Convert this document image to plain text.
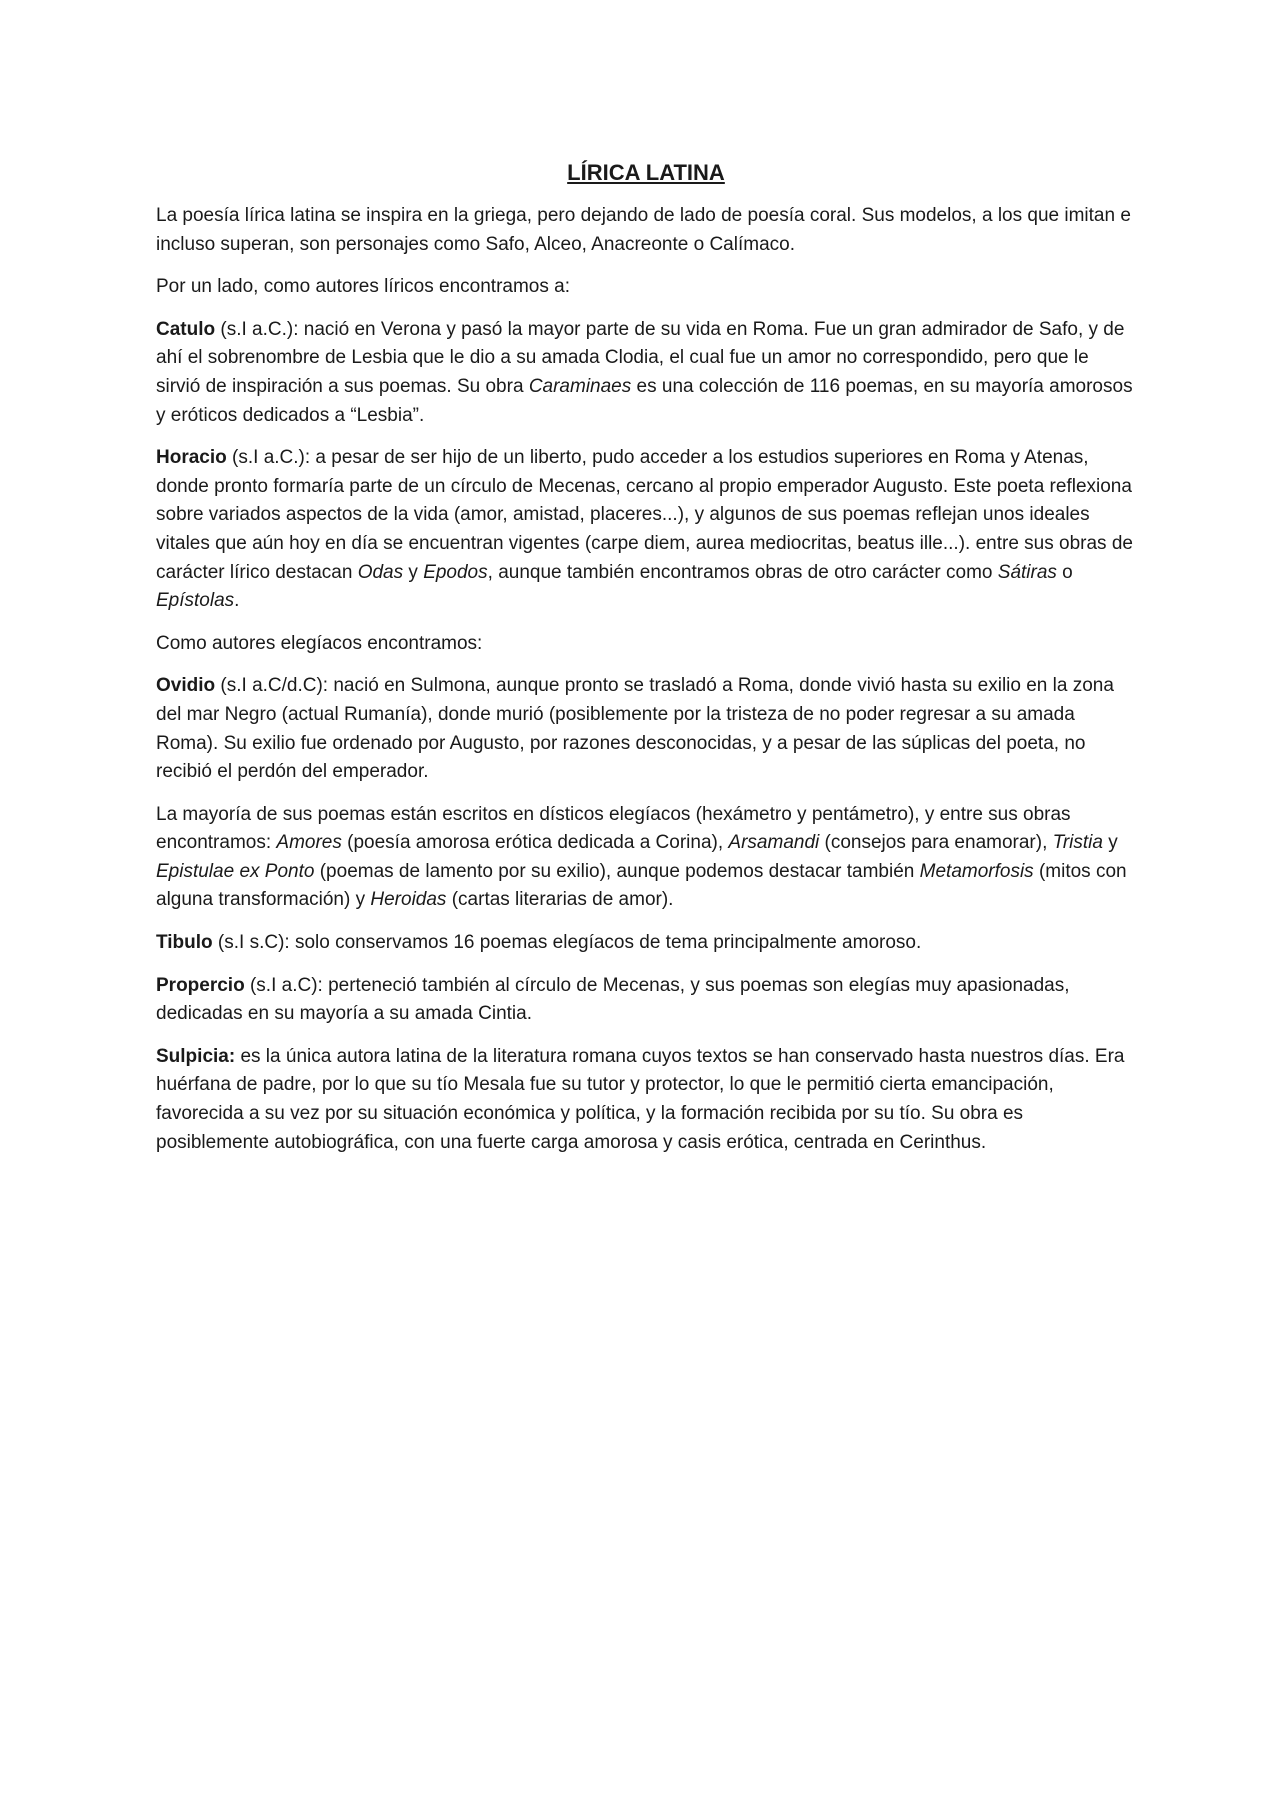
LÍRICA LATINA

La poesía lírica latina se inspira en la griega, pero dejando de lado de poesía coral. Sus modelos, a los que imitan e incluso superan, son personajes como Safo, Alceo, Anacreonte o Calímaco.

Por un lado, como autores líricos encontramos a:

Catulo (s.I a.C.): nació en Verona y pasó la mayor parte de su vida en Roma. Fue un gran admirador de Safo, y de ahí el sobrenombre de Lesbia que le dio a su amada Clodia, el cual fue un amor no correspondido, pero que le sirvió de inspiración a sus poemas. Su obra Caraminaes es una colección de 116 poemas, en su mayoría amorosos y eróticos dedicados a “Lesbia”.

Horacio (s.I a.C.): a pesar de ser hijo de un liberto, pudo acceder a los estudios superiores en Roma y Atenas, donde pronto formaría parte de un círculo de Mecenas, cercano al propio emperador Augusto. Este poeta reflexiona sobre variados aspectos de la vida (amor, amistad, placeres...), y algunos de sus poemas reflejan unos ideales vitales que aún hoy en día se encuentran vigentes (carpe diem, aurea mediocritas, beatus ille...). entre sus obras de carácter lírico destacan Odas y Epodos, aunque también encontramos obras de otro carácter como Sátiras o Epístolas.

Como autores elegíacos encontramos:

Ovidio (s.I a.C/d.C): nació en Sulmona, aunque pronto se trasladó a Roma, donde vivió hasta su exilio en la zona del mar Negro (actual Rumanía), donde murió (posiblemente por la tristeza de no poder regresar a su amada Roma). Su exilio fue ordenado por Augusto, por razones desconocidas, y a pesar de las súplicas del poeta, no recibió el perdón del emperador.

La mayoría de sus poemas están escritos en dísticos elegíacos (hexámetro y pentámetro), y entre sus obras encontramos: Amores (poesía amorosa erótica dedicada a Corina), Arsamandi (consejos para enamorar), Tristia y Epistulae ex Ponto (poemas de lamento por su exilio), aunque podemos destacar también Metamorfosis (mitos con alguna transformación) y Heroidas (cartas literarias de amor).

Tibulo (s.I s.C): solo conservamos 16 poemas elegíacos de tema principalmente amoroso.

Propercio (s.I a.C): perteneció también al círculo de Mecenas, y sus poemas son elegías muy apasionadas, dedicadas en su mayoría a su amada Cintia.

Sulpicia: es la única autora latina de la literatura romana cuyos textos se han conservado hasta nuestros días. Era huérfana de padre, por lo que su tío Mesala fue su tutor y protector, lo que le permitió cierta emancipación, favorecida a su vez por su situación económica y política, y la formación recibida por su tío. Su obra es posiblemente autobiográfica, con una fuerte carga amorosa y casis erótica, centrada en Cerinthus.
